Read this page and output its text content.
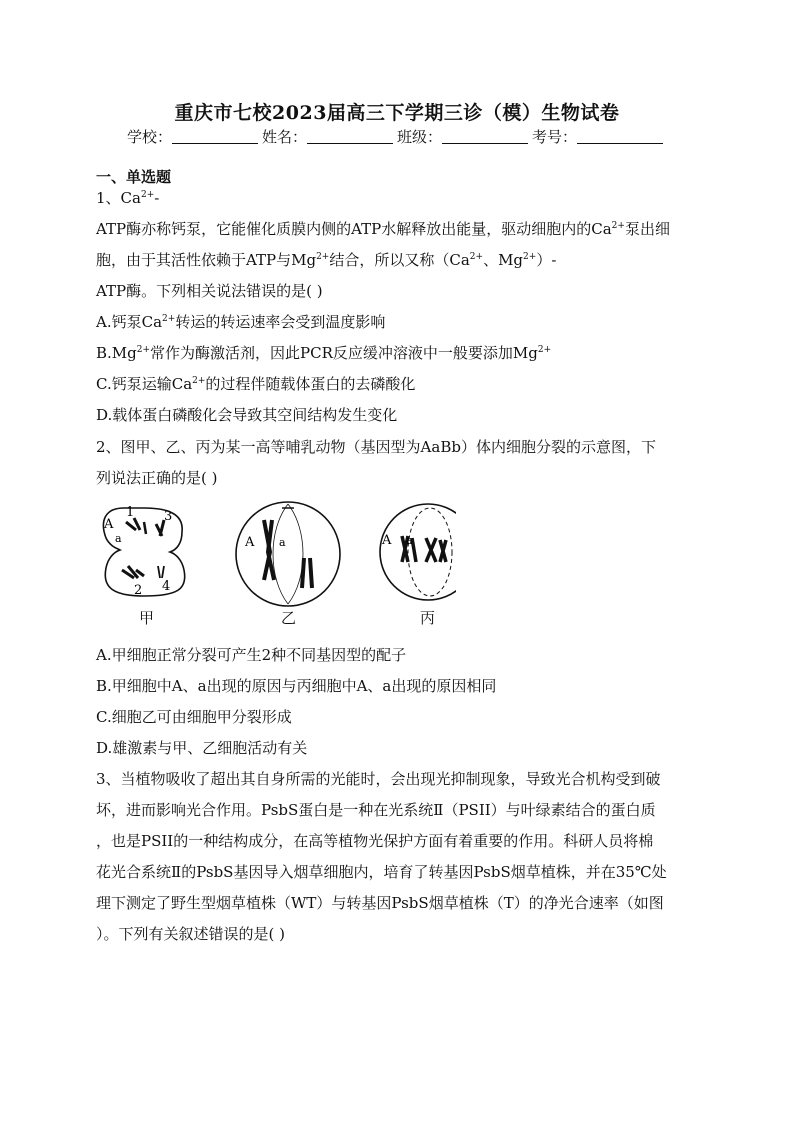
重庆市七校2023届高三下学期三诊（模）生物试卷
学校：	姓名：	班级：	考号：
一、单选题
1、$Ca^{2+}-$
ATP酶亦称钙泵，它能催化质膜内侧的ATP水解释放出能量，驱动细胞内的$Ca^{2+}$泵出细
胞，由于其活性依赖于ATP与$Mg^{2+}$结合，所以又称（$Ca^{2+}$、$Mg^{2+})-$
ATP酶。下列相关说法错误的是( )
A.钙泵$Ca^{2+}$转运的转运速率会受到温度影响
$B.Mg^{2+}$常作为酶激活剂，因此PCR反应缓冲溶液中一般要添加$Mg^{2+}$
C.钙泵运输$Ca^{2+}$的过程伴随载体蛋白的去磷酸化
D.载体蛋白磷酸化会导致其空间结构发生变化
2、图甲、乙、丙为某一高等哺乳动物（基因型为AaBb）体内细胞分裂的示意图，下
列说法正确的是( )
A
a
1 3
2 4
A a	A a
甲	乙	丙
A.甲细胞正常分裂可产生2种不同基因型的配子
B.甲细胞中A、a出现的原因与丙细胞中A、a出现的原因相同
C.细胞乙可由细胞甲分裂形成
D.雄激素与甲、乙细胞活动有关
3、当植物吸收了超出其自身所需的光能时，会出现光抑制现象，导致光合机构受到破
坏，进而影响光合作用。PsbS蛋白是一种在光系统Ⅱ（PSII）与叶绿素结合的蛋白质
，也是PSII的一种结构成分，在高等植物光保护方面有着重要的作用。科研人员将棉
花光合系统Ⅱ的PsbS基因导入烟草细胞内，培育了转基因PsbS烟草植株，并在35℃处
理下测定了野生型烟草植株（WT）与转基因PsbS烟草植株（T）的净光合速率（如图
）。下列有关叙述错误的是( )
